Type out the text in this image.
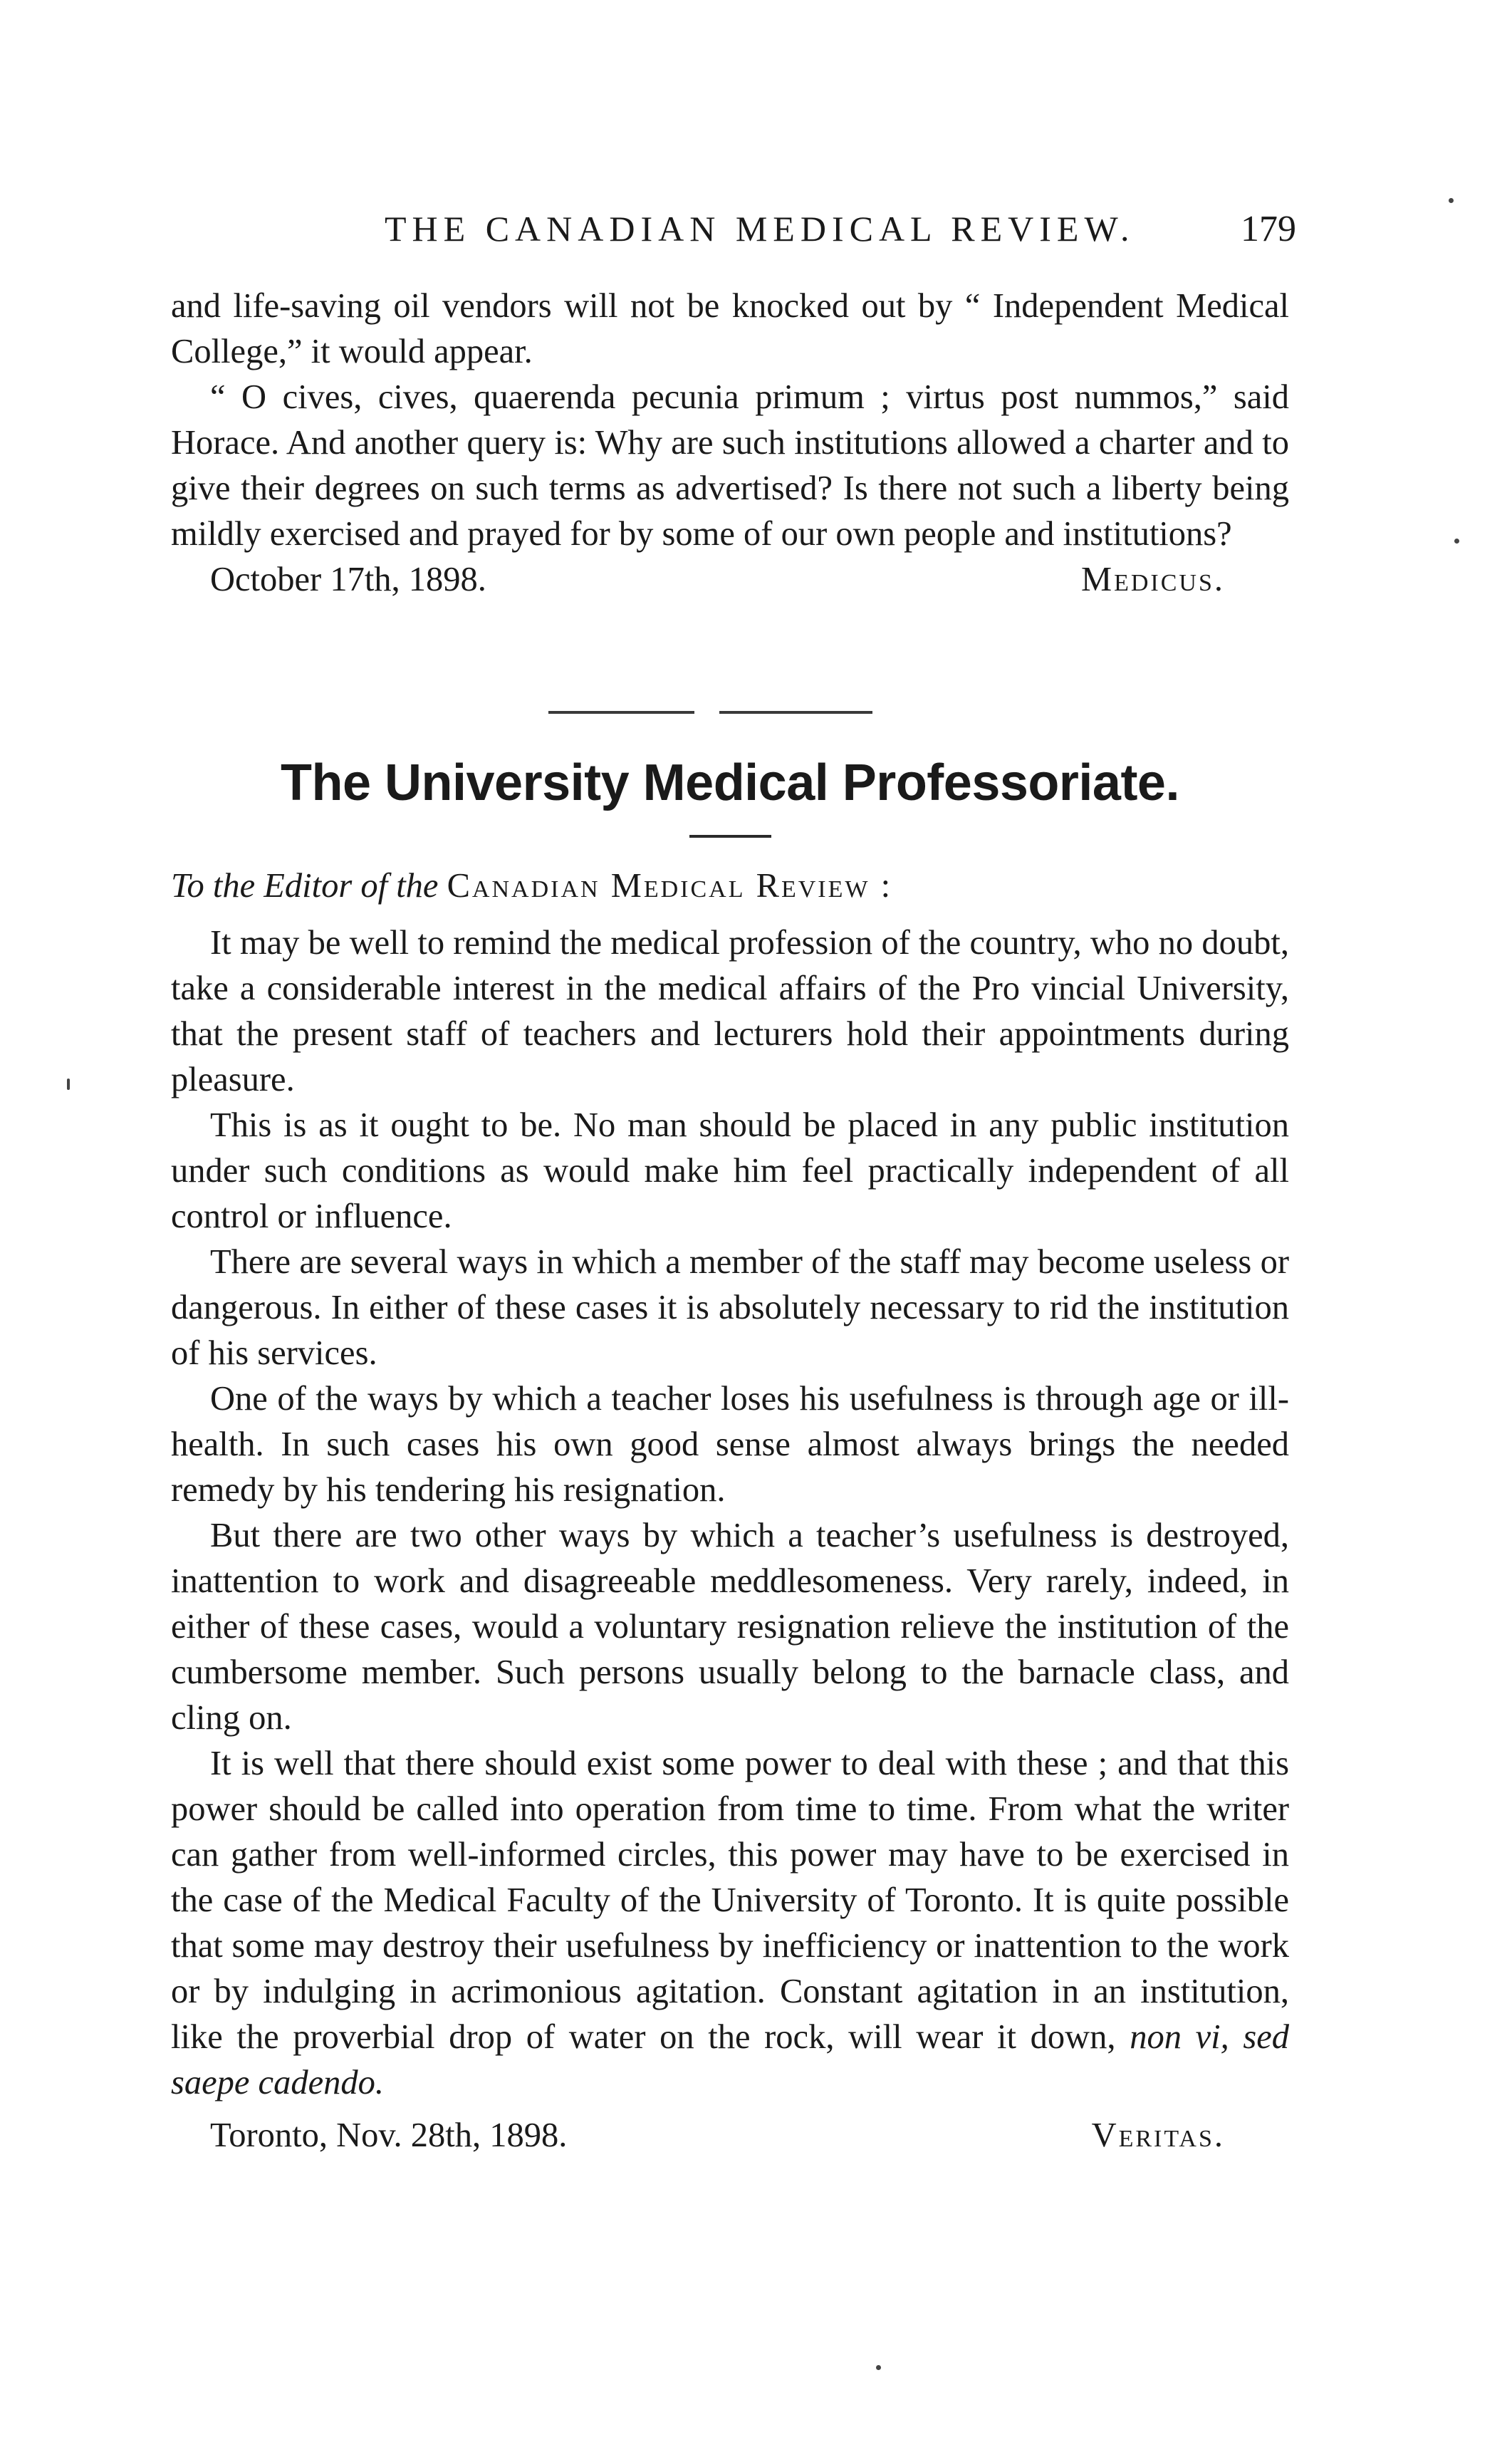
THE CANADIAN MEDICAL REVIEW.	179

and life-saving oil vendors will not be knocked out by “ Independent Medical College,” it would appear.

“ O cives, cives, quaerenda pecunia primum ; virtus post nummos,” said Horace. And another query is: Why are such institutions allowed a charter and to give their degrees on such terms as advertised? Is there not such a liberty being mildly exercised and prayed for by some of our own people and institutions?

October 17th, 1898.	Medicus.
The University Medical Professoriate.
To the Editor of the Canadian Medical Review :

It may be well to remind the medical profession of the country, who no doubt, take a considerable interest in the medical affairs of the Pro vincial University, that the present staff of teachers and lecturers hold their appointments during pleasure.

This is as it ought to be. No man should be placed in any public institution under such conditions as would make him feel practically independent of all control or influence.

There are several ways in which a member of the staff may become useless or dangerous. In either of these cases it is absolutely necessary to rid the institution of his services.

One of the ways by which a teacher loses his usefulness is through age or ill-health. In such cases his own good sense almost always brings the needed remedy by his tendering his resignation.

But there are two other ways by which a teacher’s usefulness is destroyed, inattention to work and disagreeable meddlesomeness. Very rarely, indeed, in either of these cases, would a voluntary resignation relieve the institution of the cumbersome member. Such persons usually belong to the barnacle class, and cling on.

It is well that there should exist some power to deal with these ; and that this power should be called into operation from time to time. From what the writer can gather from well-informed circles, this power may have to be exercised in the case of the Medical Faculty of the University of Toronto. It is quite possible that some may destroy their usefulness by inefficiency or inattention to the work or by indulging in acrimonious agitation. Constant agitation in an institution, like the proverbial drop of water on the rock, will wear it down, non vi, sed saepe cadendo.

Toronto, Nov. 28th, 1898.	Veritas.
